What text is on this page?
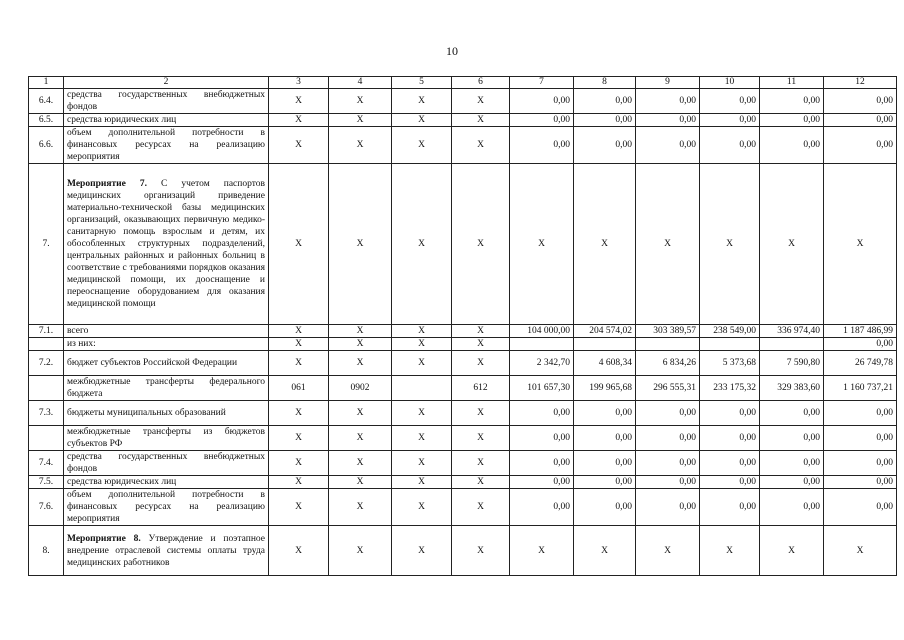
10
1	2	3	4	5	6	7	8	9	10	11	12
6.4.	средства государственных внебюджетных фондов	X	X	X	X	0,00	0,00	0,00	0,00	0,00	0,00
6.5.	средства юридических лиц	X	X	X	X	0,00	0,00	0,00	0,00	0,00	0,00
6.6.	объем дополнительной потребности в финансовых ресурсах на реализацию мероприятия	X	X	X	X	0,00	0,00	0,00	0,00	0,00	0,00
7.	Мероприятие 7. С учетом паспортов медицинских организаций приведение материально-технической базы медицинских организаций, оказывающих первичную медико-санитарную помощь взрослым и детям, их обособленных структурных подразделений, центральных районных и районных больниц в соответствие с требованиями порядков оказания медицинской помощи, их дооснащение и переоснащение оборудованием для оказания медицинской помощи	X	X	X	X	X	X	X	X	X	X
7.1.	всего	X	X	X	X	104 000,00	204 574,02	303 389,57	238 549,00	336 974,40	1 187 486,99
	из них:	X	X	X	X						0,00
7.2.	бюджет субъектов Российской Федерации	X	X	X	X	2 342,70	4 608,34	6 834,26	5 373,68	7 590,80	26 749,78
	межбюджетные трансферты федерального бюджета	061	0902		612	101 657,30	199 965,68	296 555,31	233 175,32	329 383,60	1 160 737,21
7.3.	бюджеты муниципальных образований	X	X	X	X	0,00	0,00	0,00	0,00	0,00	0,00
	межбюджетные трансферты из бюджетов субъектов РФ	X	X	X	X	0,00	0,00	0,00	0,00	0,00	0,00
7.4.	средства государственных внебюджетных фондов	X	X	X	X	0,00	0,00	0,00	0,00	0,00	0,00
7.5.	средства юридических лиц	X	X	X	X	0,00	0,00	0,00	0,00	0,00	0,00
7.6.	объем дополнительной потребности в финансовых ресурсах на реализацию мероприятия	X	X	X	X	0,00	0,00	0,00	0,00	0,00	0,00
8.	Мероприятие 8. Утверждение и поэтапное внедрение отраслевой системы оплаты труда медицинских работников	X	X	X	X	X	X	X	X	X	X
